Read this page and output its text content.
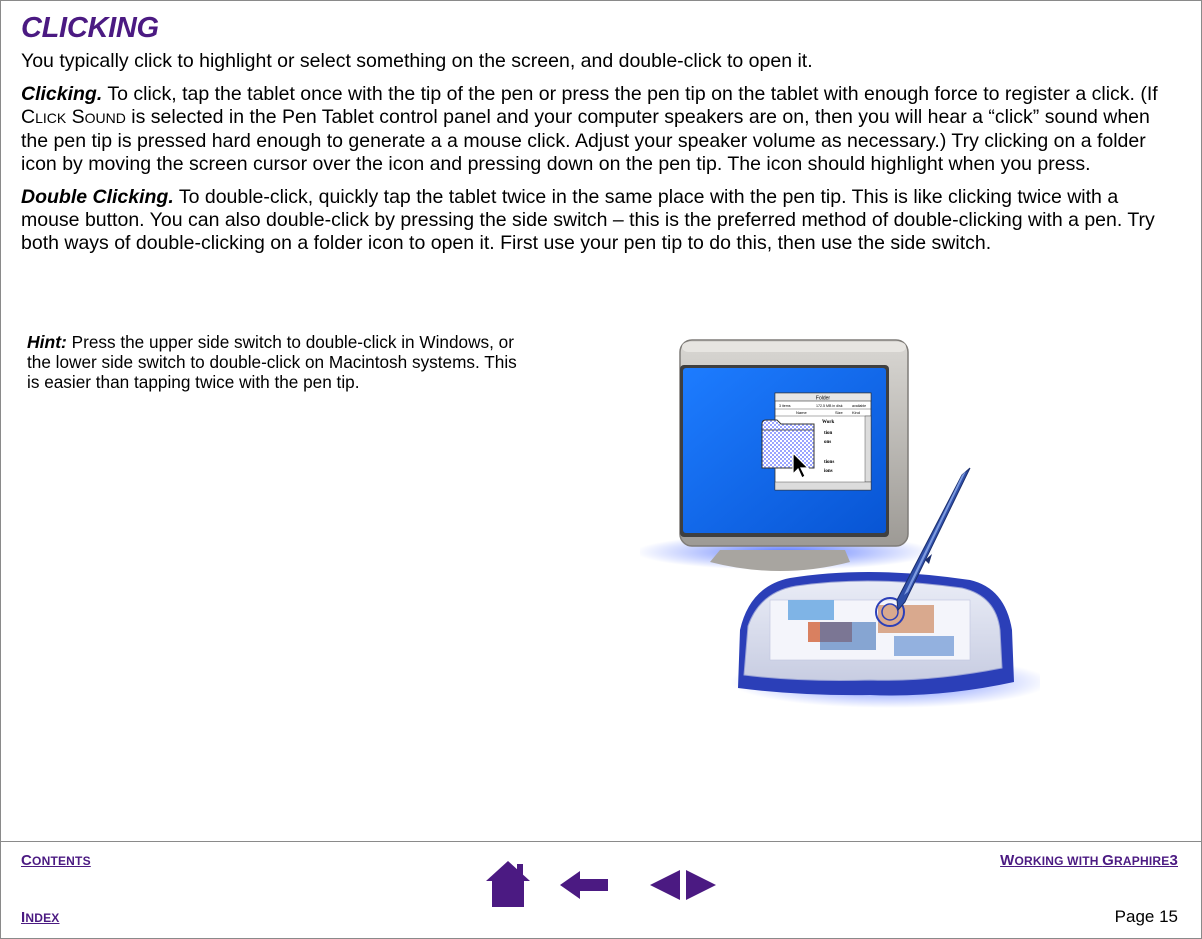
CLICKING

You typically click to highlight or select something on the screen, and double-click to open it.

Clicking. To click, tap the tablet once with the tip of the pen or press the pen tip on the tablet with enough force to register a click. (If CLICK SOUND is selected in the Pen Tablet control panel and your computer speakers are on, then you will hear a “click” sound when the pen tip is pressed hard enough to generate a a mouse click. Adjust your speaker volume as necessary.) Try clicking on a folder icon by moving the screen cursor over the icon and pressing down on the pen tip. The icon should highlight when you press.

Double Clicking. To double-click, quickly tap the tablet twice in the same place with the pen tip. This is like clicking twice with a mouse button. You can also double-click by pressing the side switch – this is the preferred method of double-clicking with a pen. Try both ways of double-clicking on a folder icon to open it. First use your pen tip to do this, then use the side switch.

Hint: Press the upper side switch to double-click in Windows, or the lower side switch to double-click on Macintosh systems. This is easier than tapping twice with the pen tip.
Folder
3 items	172.5 MB in disk	available
Name	Size Kind
Work
tion
ons
tions
ions
CONTENTS
INDEX
WORKING WITH GRAPHIRE3
Page 15
